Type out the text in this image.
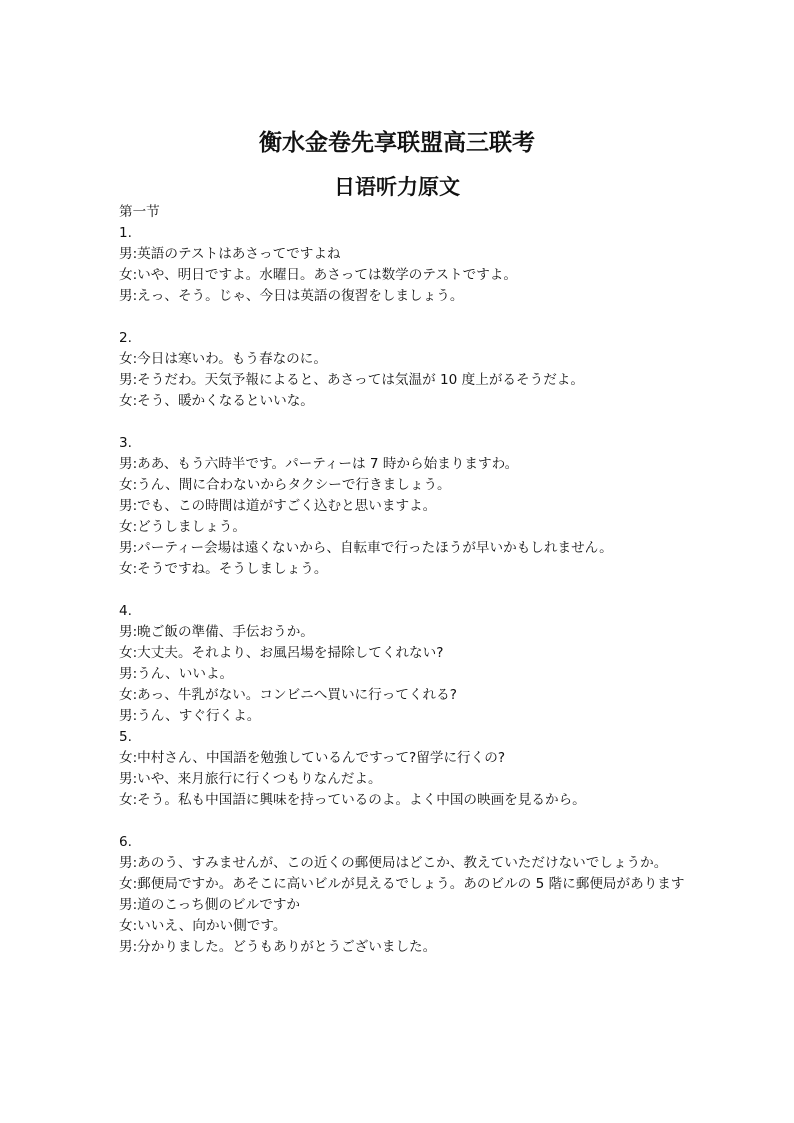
衡水金卷先享联盟高三联考
日语听力原文
第一节
1.
男:英語のテストはあさってですよね
女:いや、明日ですよ。水曜日。あさっては数学のテストですよ。
男:えっ、そう。じゃ、今日は英語の復習をしましょう。
2.
女:今日は寒いわ。もう春なのに。
男:そうだわ。天気予報によると、あさっては気温が 10 度上がるそうだよ。
女:そう、暖かくなるといいな。
3.
男:ああ、もう六時半です。パーティーは 7 時から始まりますわ。
女:うん、間に合わないからタクシーで行きましょう。
男:でも、この時間は道がすごく込むと思いますよ。
女:どうしましょう。
男:パーティー会場は遠くないから、自転車で行ったほうが早いかもしれません。
女:そうですね。そうしましょう。
4.
男:晩ご飯の準備、手伝おうか。
女:大丈夫。それより、お風呂場を掃除してくれない?
男:うん、いいよ。
女:あっ、牛乳がない。コンビニへ買いに行ってくれる?
男:うん、すぐ行くよ。
5.
女:中村さん、中国語を勉強しているんですって?留学に行くの?
男:いや、来月旅行に行くつもりなんだよ。
女:そう。私も中国語に興味を持っているのよ。よく中国の映画を見るから。
6.
男:あのう、すみませんが、この近くの郵便局はどこか、教えていただけないでしょうか。
女:郵便局ですか。あそこに高いビルが見えるでしょう。あのビルの 5 階に郵便局があります
男:道のこっち側のビルですか
女:いいえ、向かい側です。
男:分かりました。どうもありがとうございました。
